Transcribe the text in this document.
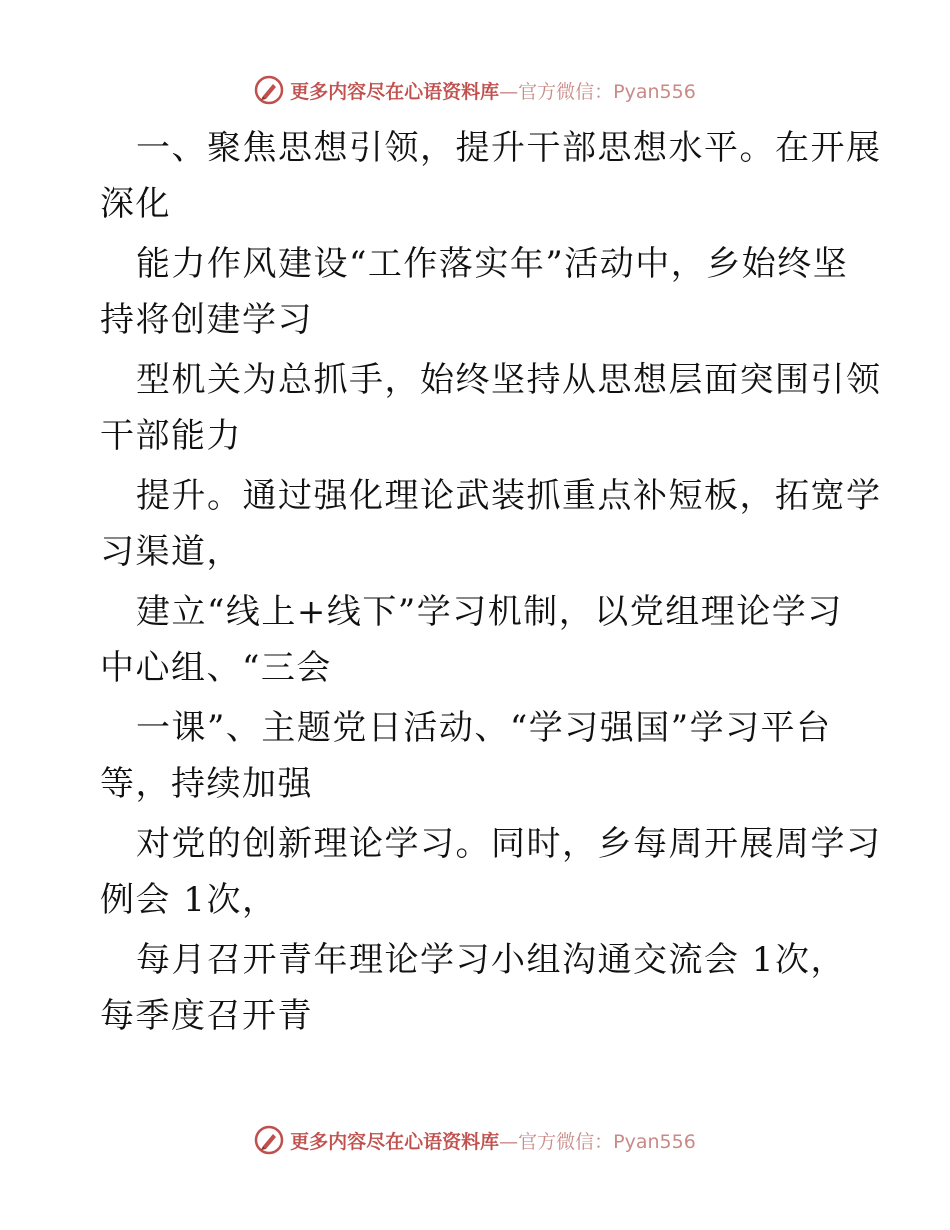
更多内容尽在心语资料库—官方微信：Pyan556
一、聚焦思想引领，提升干部思想水平。在开展
深化
能力作风建设“工作落实年”活动中，乡始终坚
持将创建学习
型机关为总抓手，始终坚持从思想层面突围引领
干部能力
提升。通过强化理论武装抓重点补短板，拓宽学
习渠道，
建立“线上+线下”学习机制，以党组理论学习
中心组、“三会
一课”、主题党日活动、“学习强国”学习平台
等，持续加强
对党的创新理论学习。同时，乡每周开展周学习
例会 1次，
每月召开青年理论学习小组沟通交流会 1次，
每季度召开青
更多内容尽在心语资料库—官方微信：Pyan556
